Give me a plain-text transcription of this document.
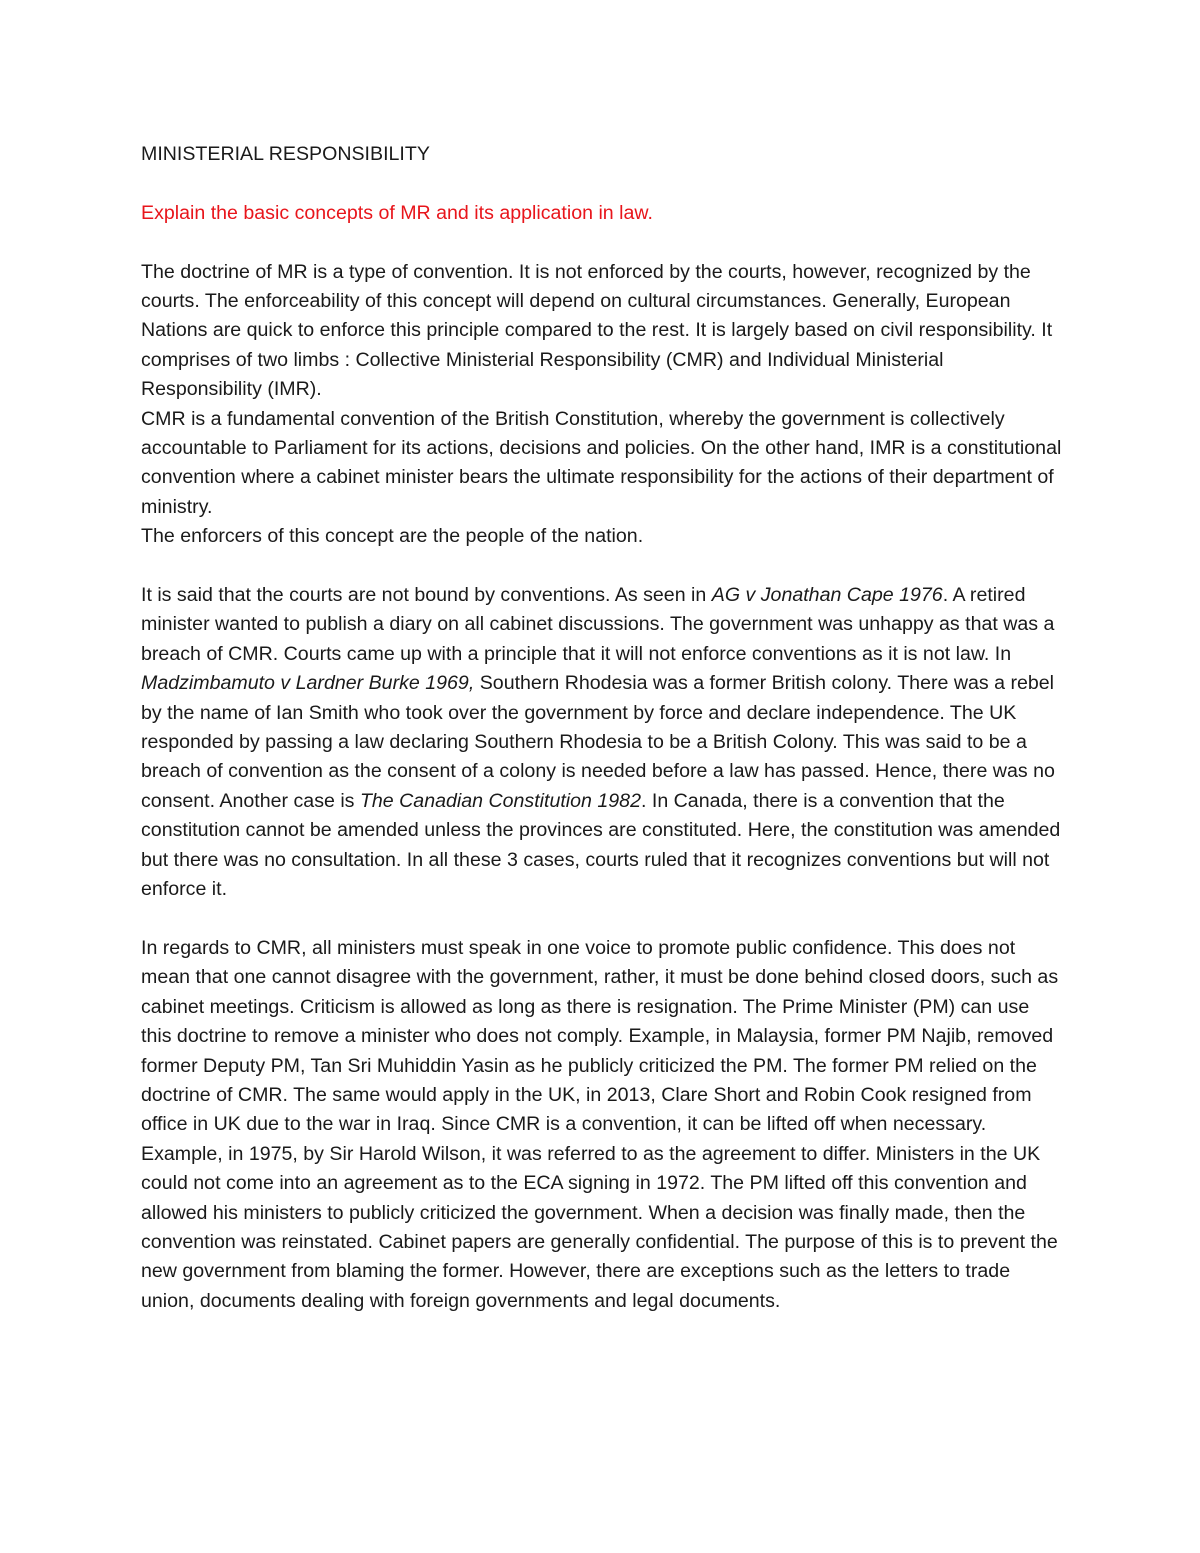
MINISTERIAL RESPONSIBILITY

Explain the basic concepts of MR and its application in law.

The doctrine of MR is a type of convention. It is not enforced by the courts, however, recognized by the courts. The enforceability of this concept will depend on cultural circumstances. Generally, European Nations are quick to enforce this principle compared to the rest. It is largely based on civil responsibility. It comprises of two limbs : Collective Ministerial Responsibility (CMR) and Individual Ministerial Responsibility (IMR).

CMR is a fundamental convention of the British Constitution, whereby the government is collectively accountable to Parliament for its actions, decisions and policies. On the other hand, IMR is a constitutional convention where a cabinet minister bears the ultimate responsibility for the actions of their department of ministry.

The enforcers of this concept are the people of the nation.

It is said that the courts are not bound by conventions. As seen in AG v Jonathan Cape 1976. A retired minister wanted to publish a diary on all cabinet discussions. The government was unhappy as that was a breach of CMR. Courts came up with a principle that it will not enforce conventions as it is not law. In Madzimbamuto v Lardner Burke 1969, Southern Rhodesia was a former British colony. There was a rebel by the name of Ian Smith who took over the government by force and declare independence. The UK responded by passing a law declaring Southern Rhodesia to be a British Colony. This was said to be a breach of convention as the consent of a colony is needed before a law has passed. Hence, there was no consent. Another case is The Canadian Constitution 1982. In Canada, there is a convention that the constitution cannot be amended unless the provinces are constituted. Here, the constitution was amended but there was no consultation. In all these 3 cases, courts ruled that it recognizes conventions but will not enforce it.

In regards to CMR, all ministers must speak in one voice to promote public confidence. This does not mean that one cannot disagree with the government, rather, it must be done behind closed doors, such as cabinet meetings. Criticism is allowed as long as there is resignation. The Prime Minister (PM) can use this doctrine to remove a minister who does not comply. Example, in Malaysia, former PM Najib, removed former Deputy PM, Tan Sri Muhiddin Yasin as he publicly criticized the PM. The former PM relied on the doctrine of CMR. The same would apply in the UK, in 2013, Clare Short and Robin Cook resigned from office in UK due to the war in Iraq. Since CMR is a convention, it can be lifted off when necessary. Example, in 1975, by Sir Harold Wilson, it was referred to as the agreement to differ. Ministers in the UK could not come into an agreement as to the ECA signing in 1972. The PM lifted off this convention and allowed his ministers to publicly criticized the government. When a decision was finally made, then the convention was reinstated. Cabinet papers are generally confidential. The purpose of this is to prevent the new government from blaming the former. However, there are exceptions such as the letters to trade union, documents dealing with foreign governments and legal documents.
